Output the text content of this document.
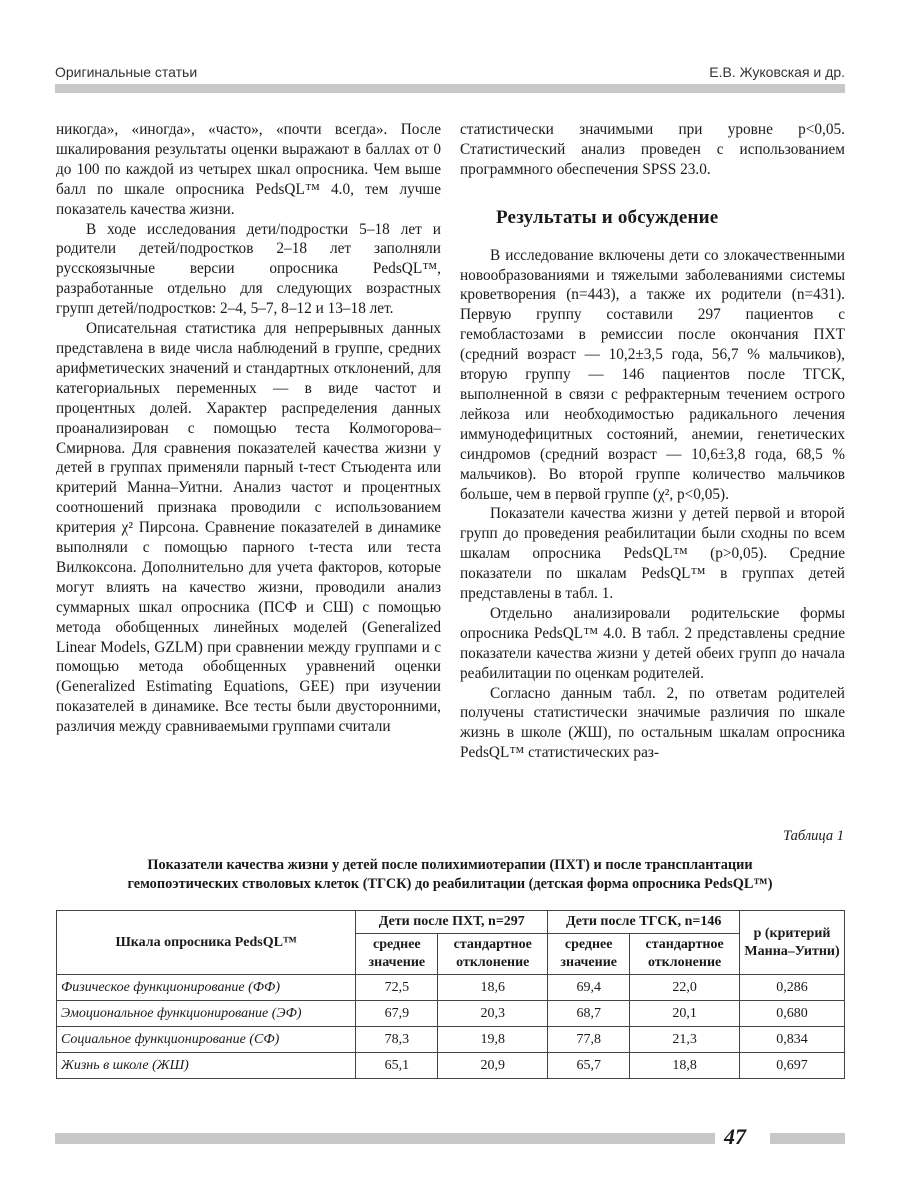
Оригинальные статьи	Е.В. Жуковская и др.

никогда», «иногда», «часто», «почти всегда». После шкалирования результаты оценки выражают в баллах от 0 до 100 по каждой из четырех шкал опросника. Чем выше балл по шкале опросника PedsQL™ 4.0, тем лучше показатель качества жизни.

В ходе исследования дети/подростки 5–18 лет и родители детей/подростков 2–18 лет заполняли русскоязычные версии опросника PedsQL™, разработанные отдельно для следующих возрастных групп детей/подростков: 2–4, 5–7, 8–12 и 13–18 лет.

Описательная статистика для непрерывных данных представлена в виде числа наблюдений в группе, средних арифметических значений и стандартных отклонений, для категориальных переменных — в виде частот и процентных долей. Характер распределения данных проанализирован с помощью теста Колмогорова–Смирнова. Для сравнения показателей качества жизни у детей в группах применяли парный t-тест Стьюдента или критерий Манна–Уитни. Анализ частот и процентных соотношений признака проводили с использованием критерия χ² Пирсона. Сравнение показателей в динамике выполняли с помощью парного t-теста или теста Вилкоксона. Дополнительно для учета факторов, которые могут влиять на качество жизни, проводили анализ суммарных шкал опросника (ПСФ и СШ) с помощью метода обобщенных линейных моделей (Generalized Linear Models, GZLM) при сравнении между группами и с помощью метода обобщенных уравнений оценки (Generalized Estimating Equations, GEE) при изучении показателей в динамике. Все тесты были двусторонними, различия между сравниваемыми группами считали

статистически значимыми при уровне p<0,05. Статистический анализ проведен с использованием программного обеспечения SPSS 23.0.

Результаты и обсуждение

В исследование включены дети со злокачественными новообразованиями и тяжелыми заболеваниями системы кроветворения (n=443), а также их родители (n=431). Первую группу составили 297 пациентов с гемобластозами в ремиссии после окончания ПХТ (средний возраст — 10,2±3,5 года, 56,7 % мальчиков), вторую группу — 146 пациентов после ТГСК, выполненной в связи с рефрактерным течением острого лейкоза или необходимостью радикального лечения иммунодефицитных состояний, анемии, генетических синдромов (средний возраст — 10,6±3,8 года, 68,5 % мальчиков). Во второй группе количество мальчиков больше, чем в первой группе (χ², p<0,05).

Показатели качества жизни у детей первой и второй групп до проведения реабилитации были сходны по всем шкалам опросника PedsQL™ (p>0,05). Средние показатели по шкалам PedsQL™ в группах детей представлены в табл. 1.

Отдельно анализировали родительские формы опросника PedsQL™ 4.0. В табл. 2 представлены средние показатели качества жизни у детей обеих групп до начала реабилитации по оценкам родителей.

Согласно данным табл. 2, по ответам родителей получены статистически значимые различия по шкале жизнь в школе (ЖШ), по остальным шкалам опросника PedsQL™ статистических раз-

Таблица 1
Показатели качества жизни у детей после полихимиотерапии (ПХТ) и после трансплантации
гемопоэтических стволовых клеток (ТГСК) до реабилитации (детская форма опросника PedsQL™)
Шкала опросника PedsQL™	Дети после ПХТ, n=297		Дети после ТГСК, n=146		p (критерий Манна–Уитни)
	среднее значение	стандартное отклонение	среднее значение	стандартное отклонение	
Физическое функционирование (ФФ)	72,5	18,6	69,4	22,0	0,286
Эмоциональное функционирование (ЭФ)	67,9	20,3	68,7	20,1	0,680
Социальное функционирование (СФ)	78,3	19,8	77,8	21,3	0,834
Жизнь в школе (ЖШ)	65,1	20,9	65,7	18,8	0,697
47
